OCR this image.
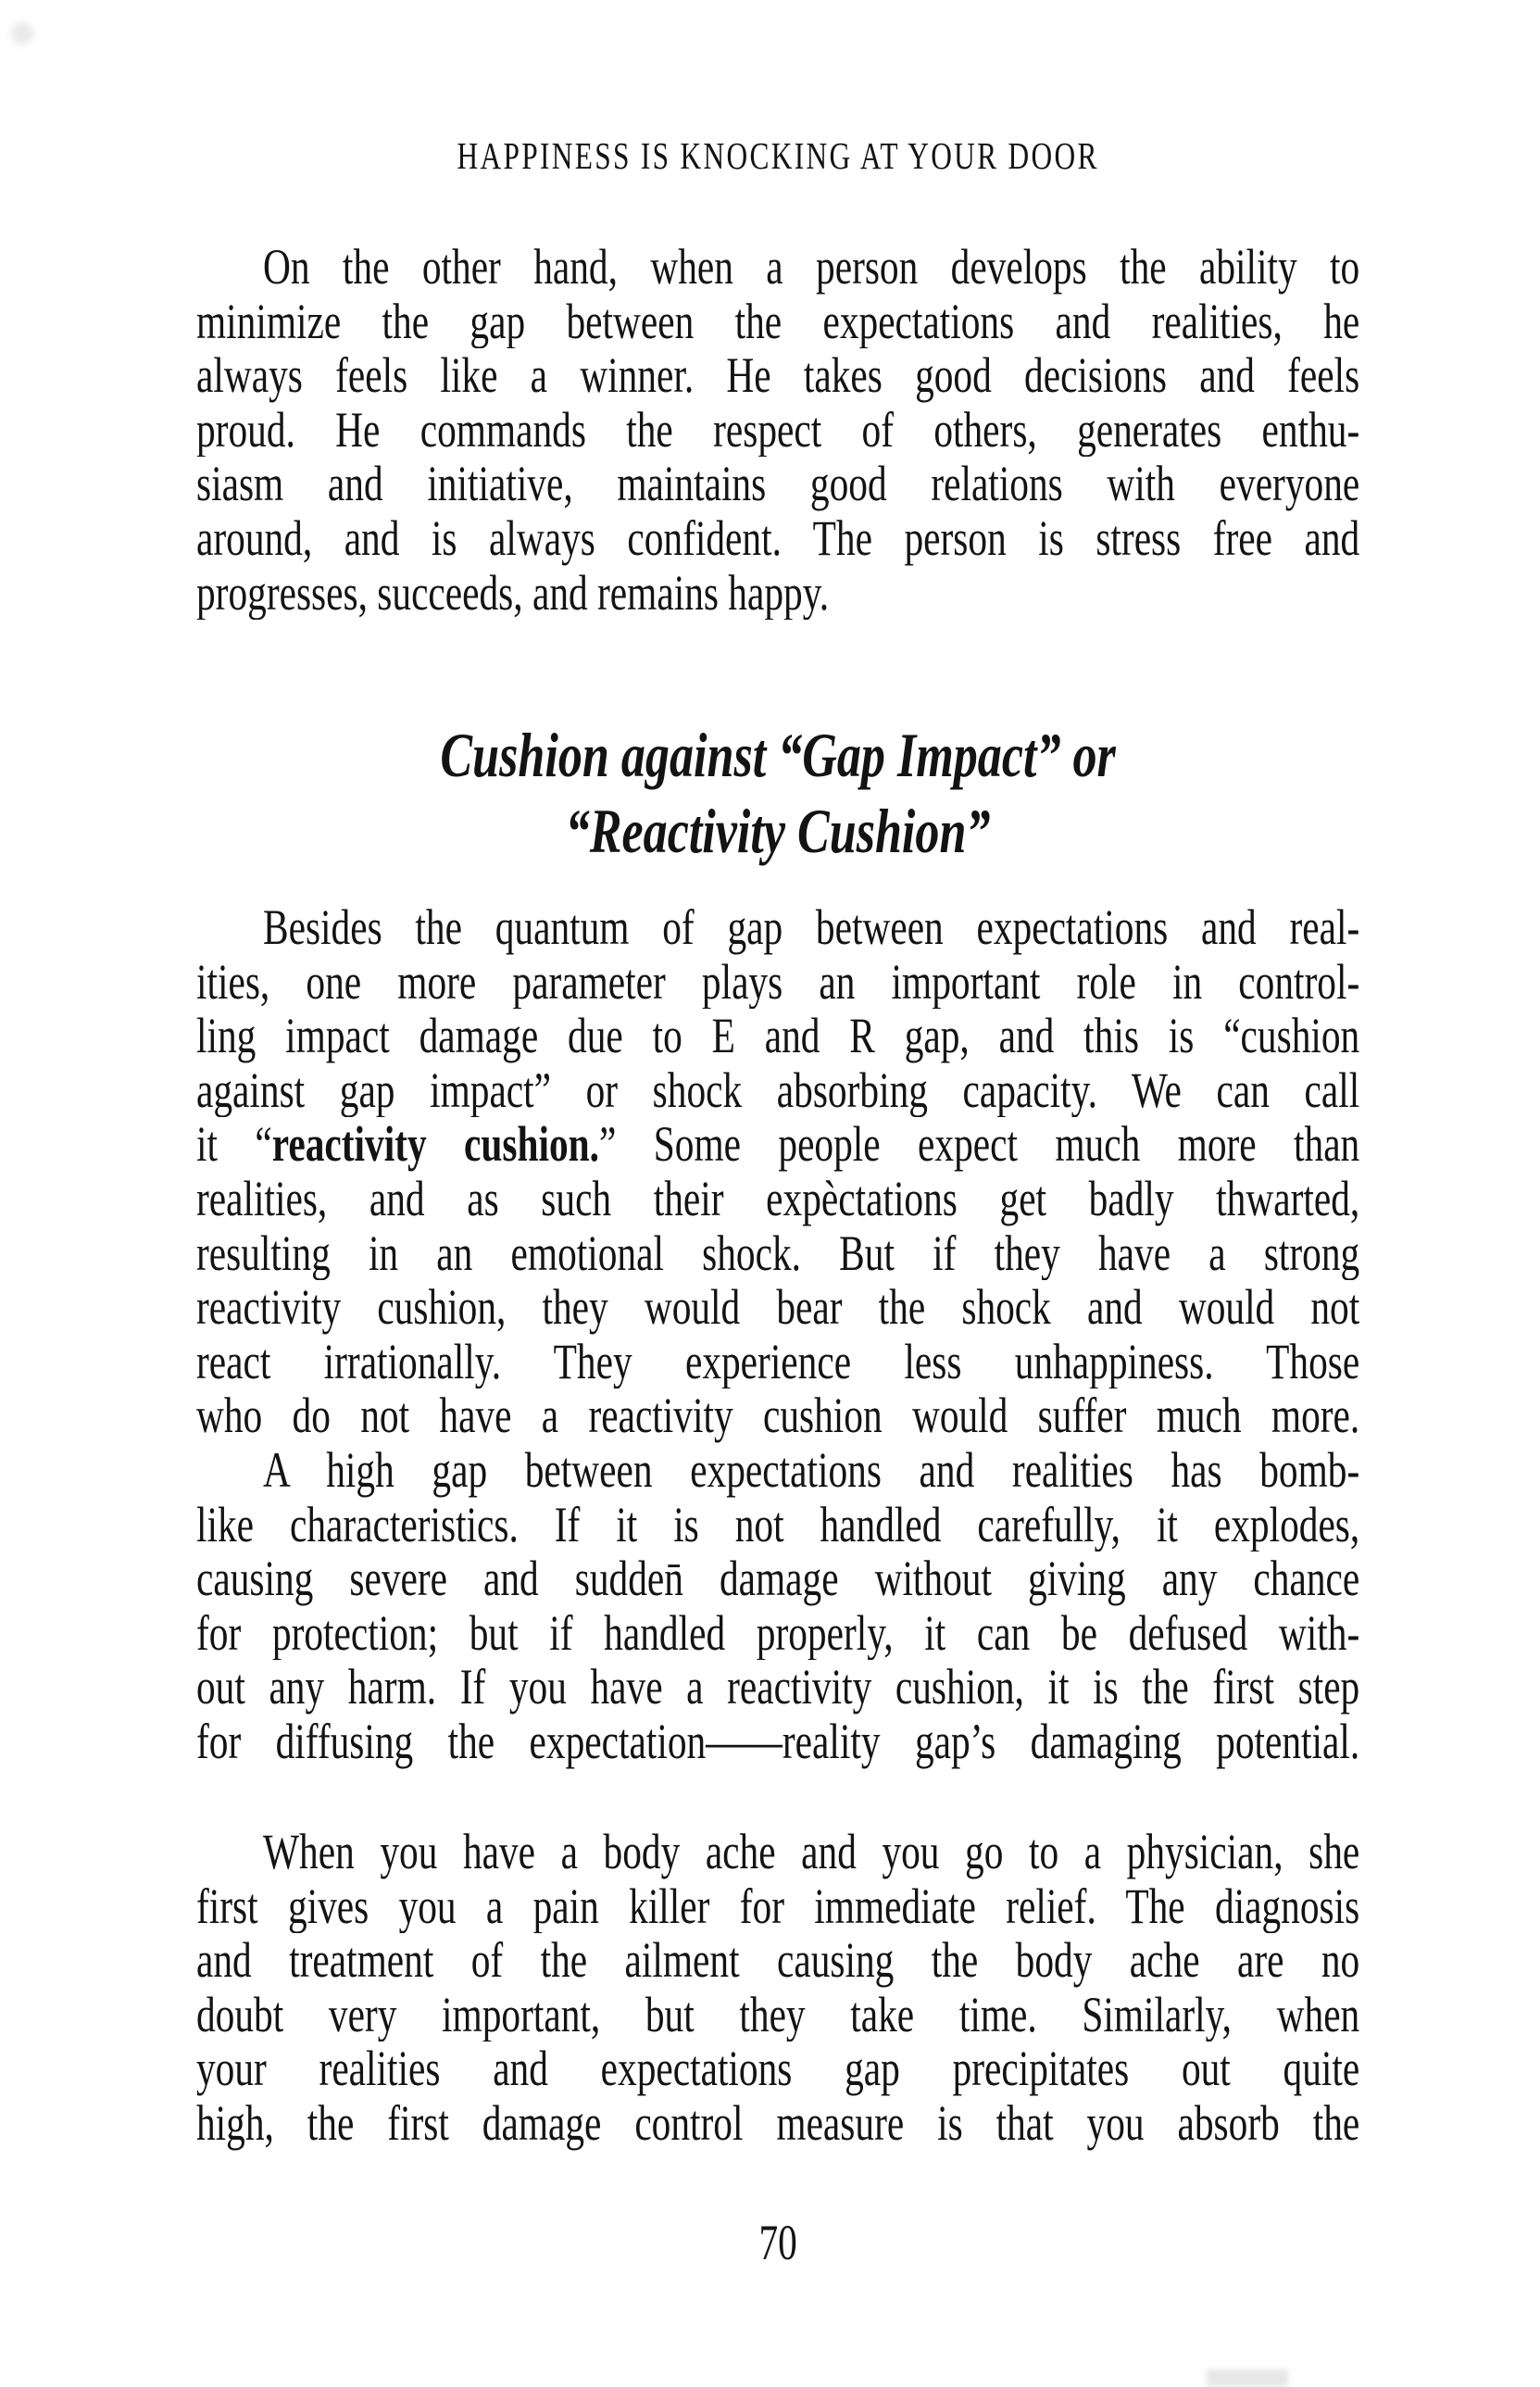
HAPPINESS IS KNOCKING AT YOUR DOOR
On the other hand, when a person develops the ability to
minimize the gap between the expectations and realities, he
always feels like a winner. He takes good decisions and feels
proud. He commands the respect of others, generates enthu-
siasm and initiative, maintains good relations with everyone
around, and is always confident. The person is stress free and
progresses, succeeds, and remains happy.
Cushion against “Gap Impact” or
“Reactivity Cushion”
Besides the quantum of gap between expectations and real-
ities, one more parameter plays an important role in control-
ling impact damage due to E and R gap, and this is “cushion
against gap impact” or shock absorbing capacity. We can call
it “reactivity cushion.” Some people expect much more than
realities, and as such their expèctations get badly thwarted,
resulting in an emotional shock. But if they have a strong
reactivity cushion, they would bear the shock and would not
react irrationally. They experience less unhappiness. Those
who do not have a reactivity cushion would suffer much more.
A high gap between expectations and realities has bomb-
like characteristics. If it is not handled carefully, it explodes,
causing severe and sudden̄ damage without giving any chance
for protection; but if handled properly, it can be defused with-
out any harm. If you have a reactivity cushion, it is the first step
for diffusing the expectation——reality gap’s damaging potential.
When you have a body ache and you go to a physician, she
first gives you a pain killer for immediate relief. The diagnosis
and treatment of the ailment causing the body ache are no
doubt very important, but they take time. Similarly, when
your realities and expectations gap precipitates out quite
high, the first damage control measure is that you absorb the
70
